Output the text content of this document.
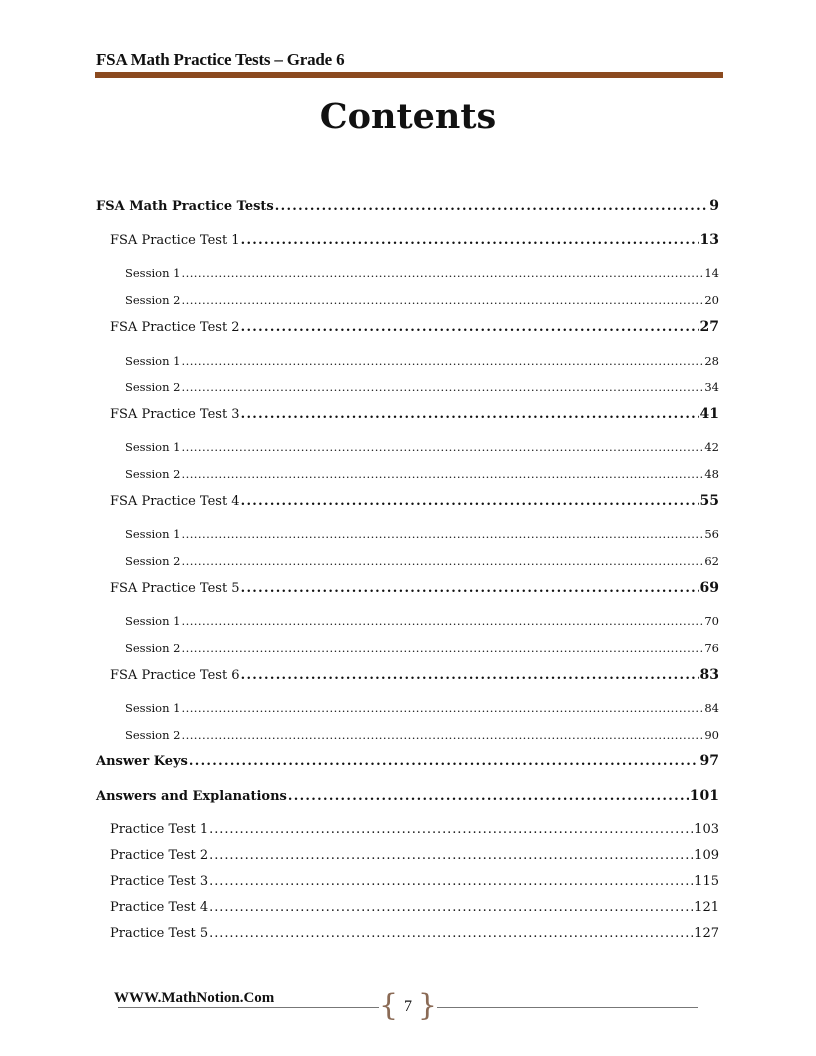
FSA Math Practice Tests – Grade 6
Contents
FSA Math Practice Tests . . .	9
FSA Practice Test 1 . . .	13
Session 1 . . .	14
Session 2 . . .	20
FSA Practice Test 2 . . .	27
Session 1 . . .	28
Session 2 . . .	34
FSA Practice Test 3 . . .	41
Session 1 . . .	42
Session 2 . . .	48
FSA Practice Test 4 . . .	55
Session 1 . . .	56
Session 2 . . .	62
FSA Practice Test 5 . . .	69
Session 1 . . .	70
Session 2 . . .	76
FSA Practice Test 6 . . .	83
Session 1 . . .	84
Session 2 . . .	90
Answer Keys . . .	97
Answers and Explanations . . .	101
Practice Test 1 . . .	103
Practice Test 2 . . .	109
Practice Test 3 . . .	115
Practice Test 4 . . .	121
Practice Test 5 . . .	127
WWW.MathNotion.Com	{ 7 }
